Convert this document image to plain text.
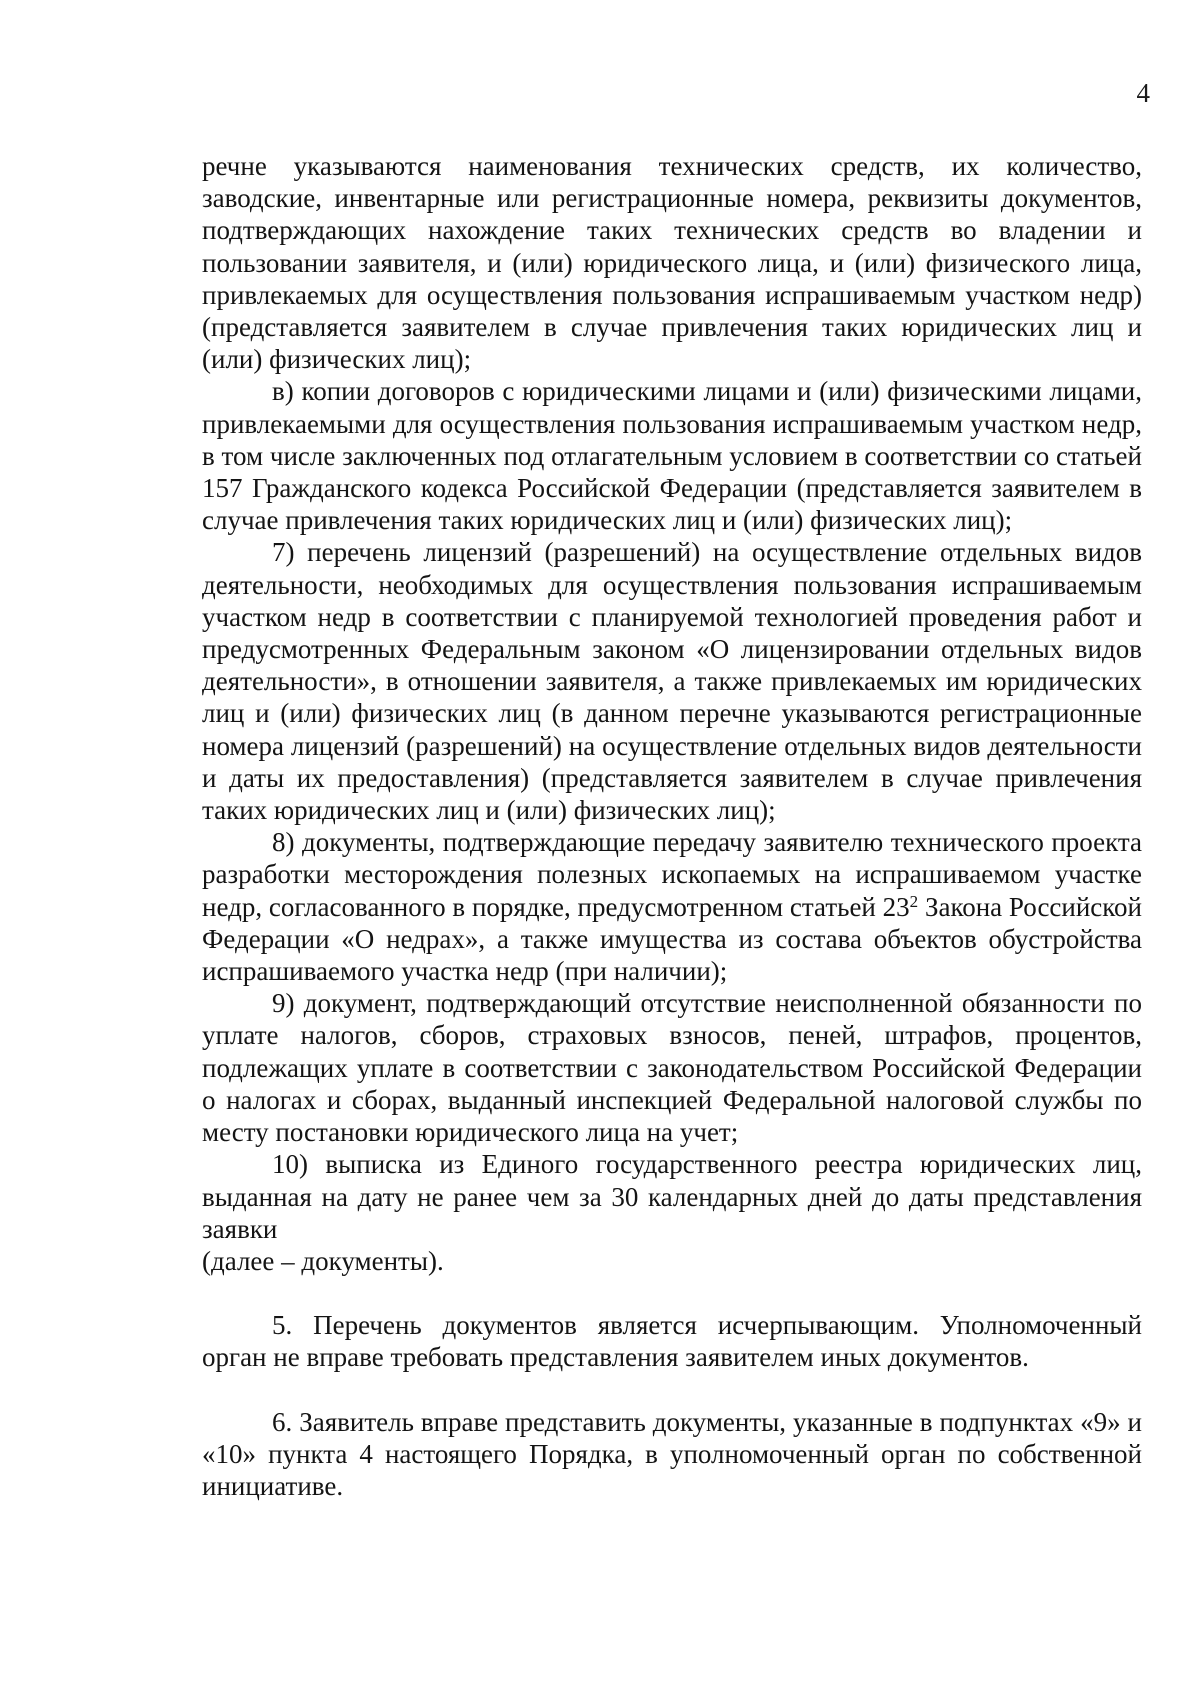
4

речне указываются наименования технических средств, их количество, заводские, инвентарные или регистрационные номера, реквизиты документов, подтверждающих нахождение таких технических средств во владении и пользовании заявителя, и (или) юридического лица, и (или) физического лица, привлекаемых для осуществления пользования испрашиваемым участком недр) (представляется заявителем в случае привлечения таких юридических лиц и (или) физических лиц);

в) копии договоров с юридическими лицами и (или) физическими лицами, привлекаемыми для осуществления пользования испрашиваемым участком недр, в том числе заключенных под отлагательным условием в соответствии со статьей 157 Гражданского кодекса Российской Федерации (представляется заявителем в случае привлечения таких юридических лиц и (или) физических лиц);

7) перечень лицензий (разрешений) на осуществление отдельных видов деятельности, необходимых для осуществления пользования испрашиваемым участком недр в соответствии с планируемой технологией проведения работ и предусмотренных Федеральным законом «О лицензировании отдельных видов деятельности», в отношении заявителя, а также привлекаемых им юридических лиц и (или) физических лиц (в данном перечне указываются регистрационные номера лицензий (разрешений) на осуществление отдельных видов деятельности и даты их предоставления) (представляется заявителем в случае привлечения таких юридических лиц и (или) физических лиц);

8) документы, подтверждающие передачу заявителю технического проекта разработки месторождения полезных ископаемых на испрашиваемом участке недр, согласованного в порядке, предусмотренном статьей $23^2$ Закона Российской Федерации «О недрах», а также имущества из состава объектов обустройства испрашиваемого участка недр (при наличии);

9) документ, подтверждающий отсутствие неисполненной обязанности по уплате налогов, сборов, страховых взносов, пеней, штрафов, процентов, подлежащих уплате в соответствии с законодательством Российской Федерации о налогах и сборах, выданный инспекцией Федеральной налоговой службы по месту постановки юридического лица на учет;

10) выписка из Единого государственного реестра юридических лиц, выданная на дату не ранее чем за 30 календарных дней до даты представления заявки

(далее – документы).

5. Перечень документов является исчерпывающим. Уполномоченный орган не вправе требовать представления заявителем иных документов.

6. Заявитель вправе представить документы, указанные в подпунктах «9» и «10» пункта 4 настоящего Порядка, в уполномоченный орган по собственной инициативе.
